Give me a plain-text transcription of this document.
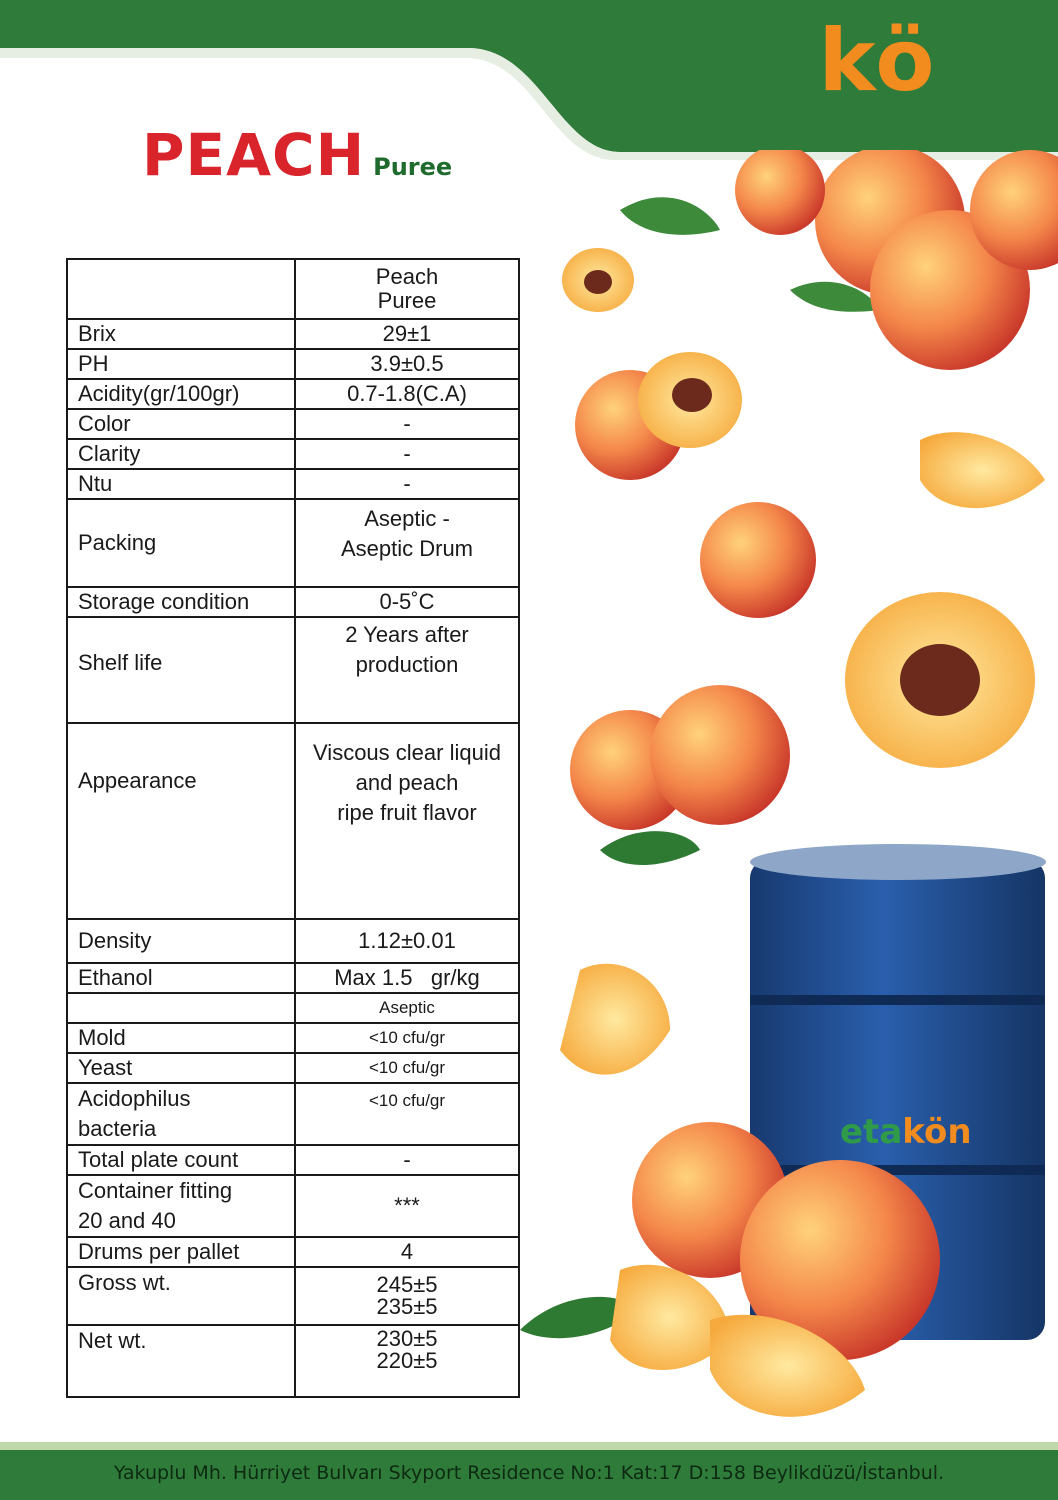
etakön
PEACH Puree
etakön
	Peach
Puree
Brix	29±1
PH	3.9±0.5
Acidity(gr/100gr)	0.7-1.8(C.A)
Color	-
Clarity	-
Ntu	-
Packing	Aseptic -
Aseptic Drum
Storage condition	0-5˚C
Shelf life	2 Years after
production
Appearance	Viscous clear liquid
and peach
ripe fruit flavor
Density	1.12±0.01
Ethanol	Max 1.5   gr/kg
	Aseptic
Mold	<10 cfu/gr
Yeast	<10 cfu/gr
Acidophilus
bacteria	<10 cfu/gr
Total plate count	-
Container fitting
20 and 40	***
Drums per pallet	4
Gross wt.	245±5
235±5
Net wt.	230±5
220±5
Yakuplu Mh. Hürriyet Bulvarı Skyport Residence No:1 Kat:17 D:158 Beylikdüzü/İstanbul.
